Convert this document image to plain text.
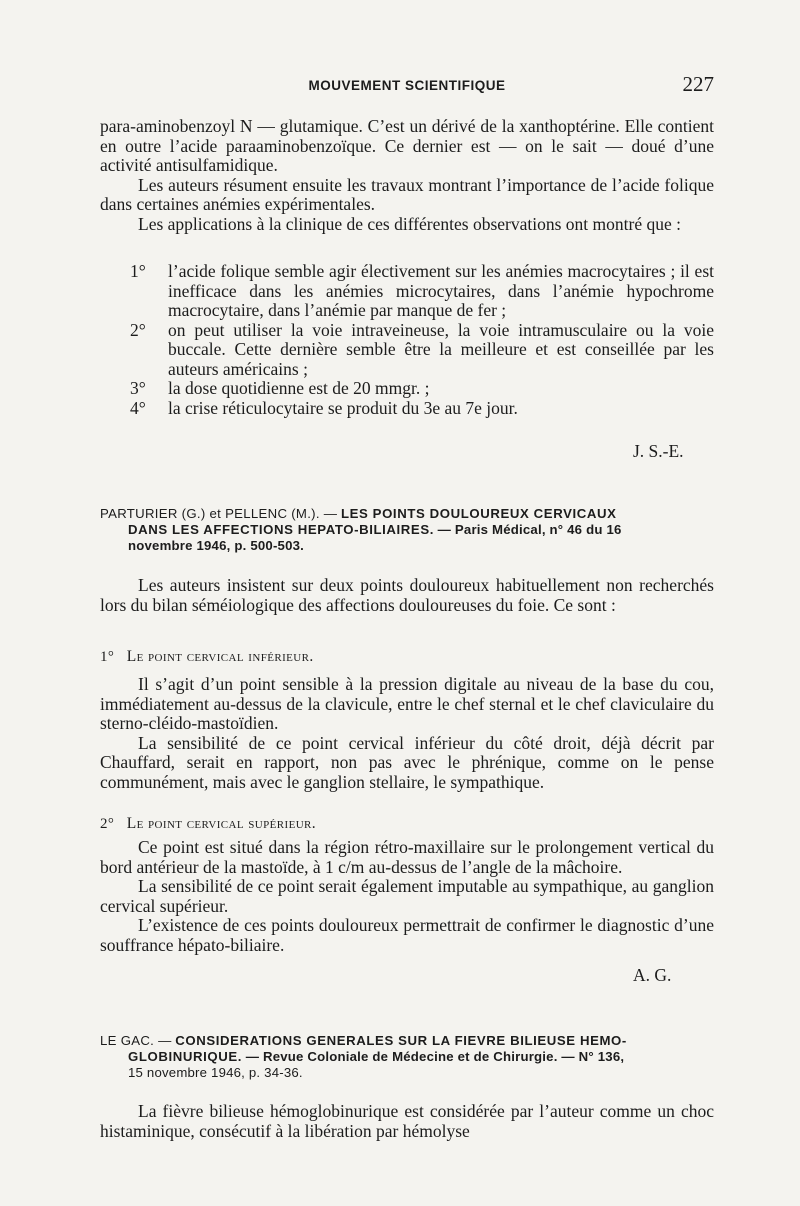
MOUVEMENT SCIENTIFIQUE	227

para-aminobenzoyl N — glutamique. C’est un dérivé de la xanthoptérine. Elle contient en outre l’acide paraaminobenzoïque. Ce dernier est — on le sait — doué d’une activité antisulfamidique.

Les auteurs résument ensuite les travaux montrant l’importance de l’acide folique dans certaines anémies expérimentales.

Les applications à la clinique de ces différentes observations ont montré que :

1° l’acide folique semble agir électivement sur les anémies macrocytaires ; il est inefficace dans les anémies microcytaires, dans l’anémie hypochrome macrocytaire, dans l’anémie par manque de fer ;
2° on peut utiliser la voie intraveineuse, la voie intramusculaire ou la voie buccale. Cette dernière semble être la meilleure et est conseillée par les auteurs américains ;
3° la dose quotidienne est de 20 mmgr. ;
4° la crise réticulocytaire se produit du 3e au 7e jour.
J. S.-E.
PARTURIER (G.) et PELLENC (M.). — LES POINTS DOULOUREUX CERVICAUX
DANS LES AFFECTIONS HEPATO-BILIAIRES. — Paris Médical, n° 46 du 16
novembre 1946, p. 500-503.

Les auteurs insistent sur deux points douloureux habituellement non recherchés lors du bilan séméiologique des affections douloureuses du foie. Ce sont :

1° Le point cervical inférieur.

Il s’agit d’un point sensible à la pression digitale au niveau de la base du cou, immédiatement au-dessus de la clavicule, entre le chef sternal et le chef claviculaire du sterno-cléido-mastoïdien.

La sensibilité de ce point cervical inférieur du côté droit, déjà décrit par Chauffard, serait en rapport, non pas avec le phrénique, comme on le pense communément, mais avec le ganglion stellaire, le sympathique.

2° Le point cervical supérieur.

Ce point est situé dans la région rétro-maxillaire sur le prolongement vertical du bord antérieur de la mastoïde, à 1 c/m au-dessus de l’angle de la mâchoire.

La sensibilité de ce point serait également imputable au sympathique, au ganglion cervical supérieur.

L’existence de ces points douloureux permettrait de confirmer le diagnostic d’une souffrance hépato-biliaire.

A. G.
LE GAC. — CONSIDERATIONS GENERALES SUR LA FIEVRE BILIEUSE HEMO-
GLOBINURIQUE. — Revue Coloniale de Médecine et de Chirurgie. — N° 136,
15 novembre 1946, p. 34-36.

La fièvre bilieuse hémoglobinurique est considérée par l’auteur comme un choc histaminique, consécutif à la libération par hémolyse
